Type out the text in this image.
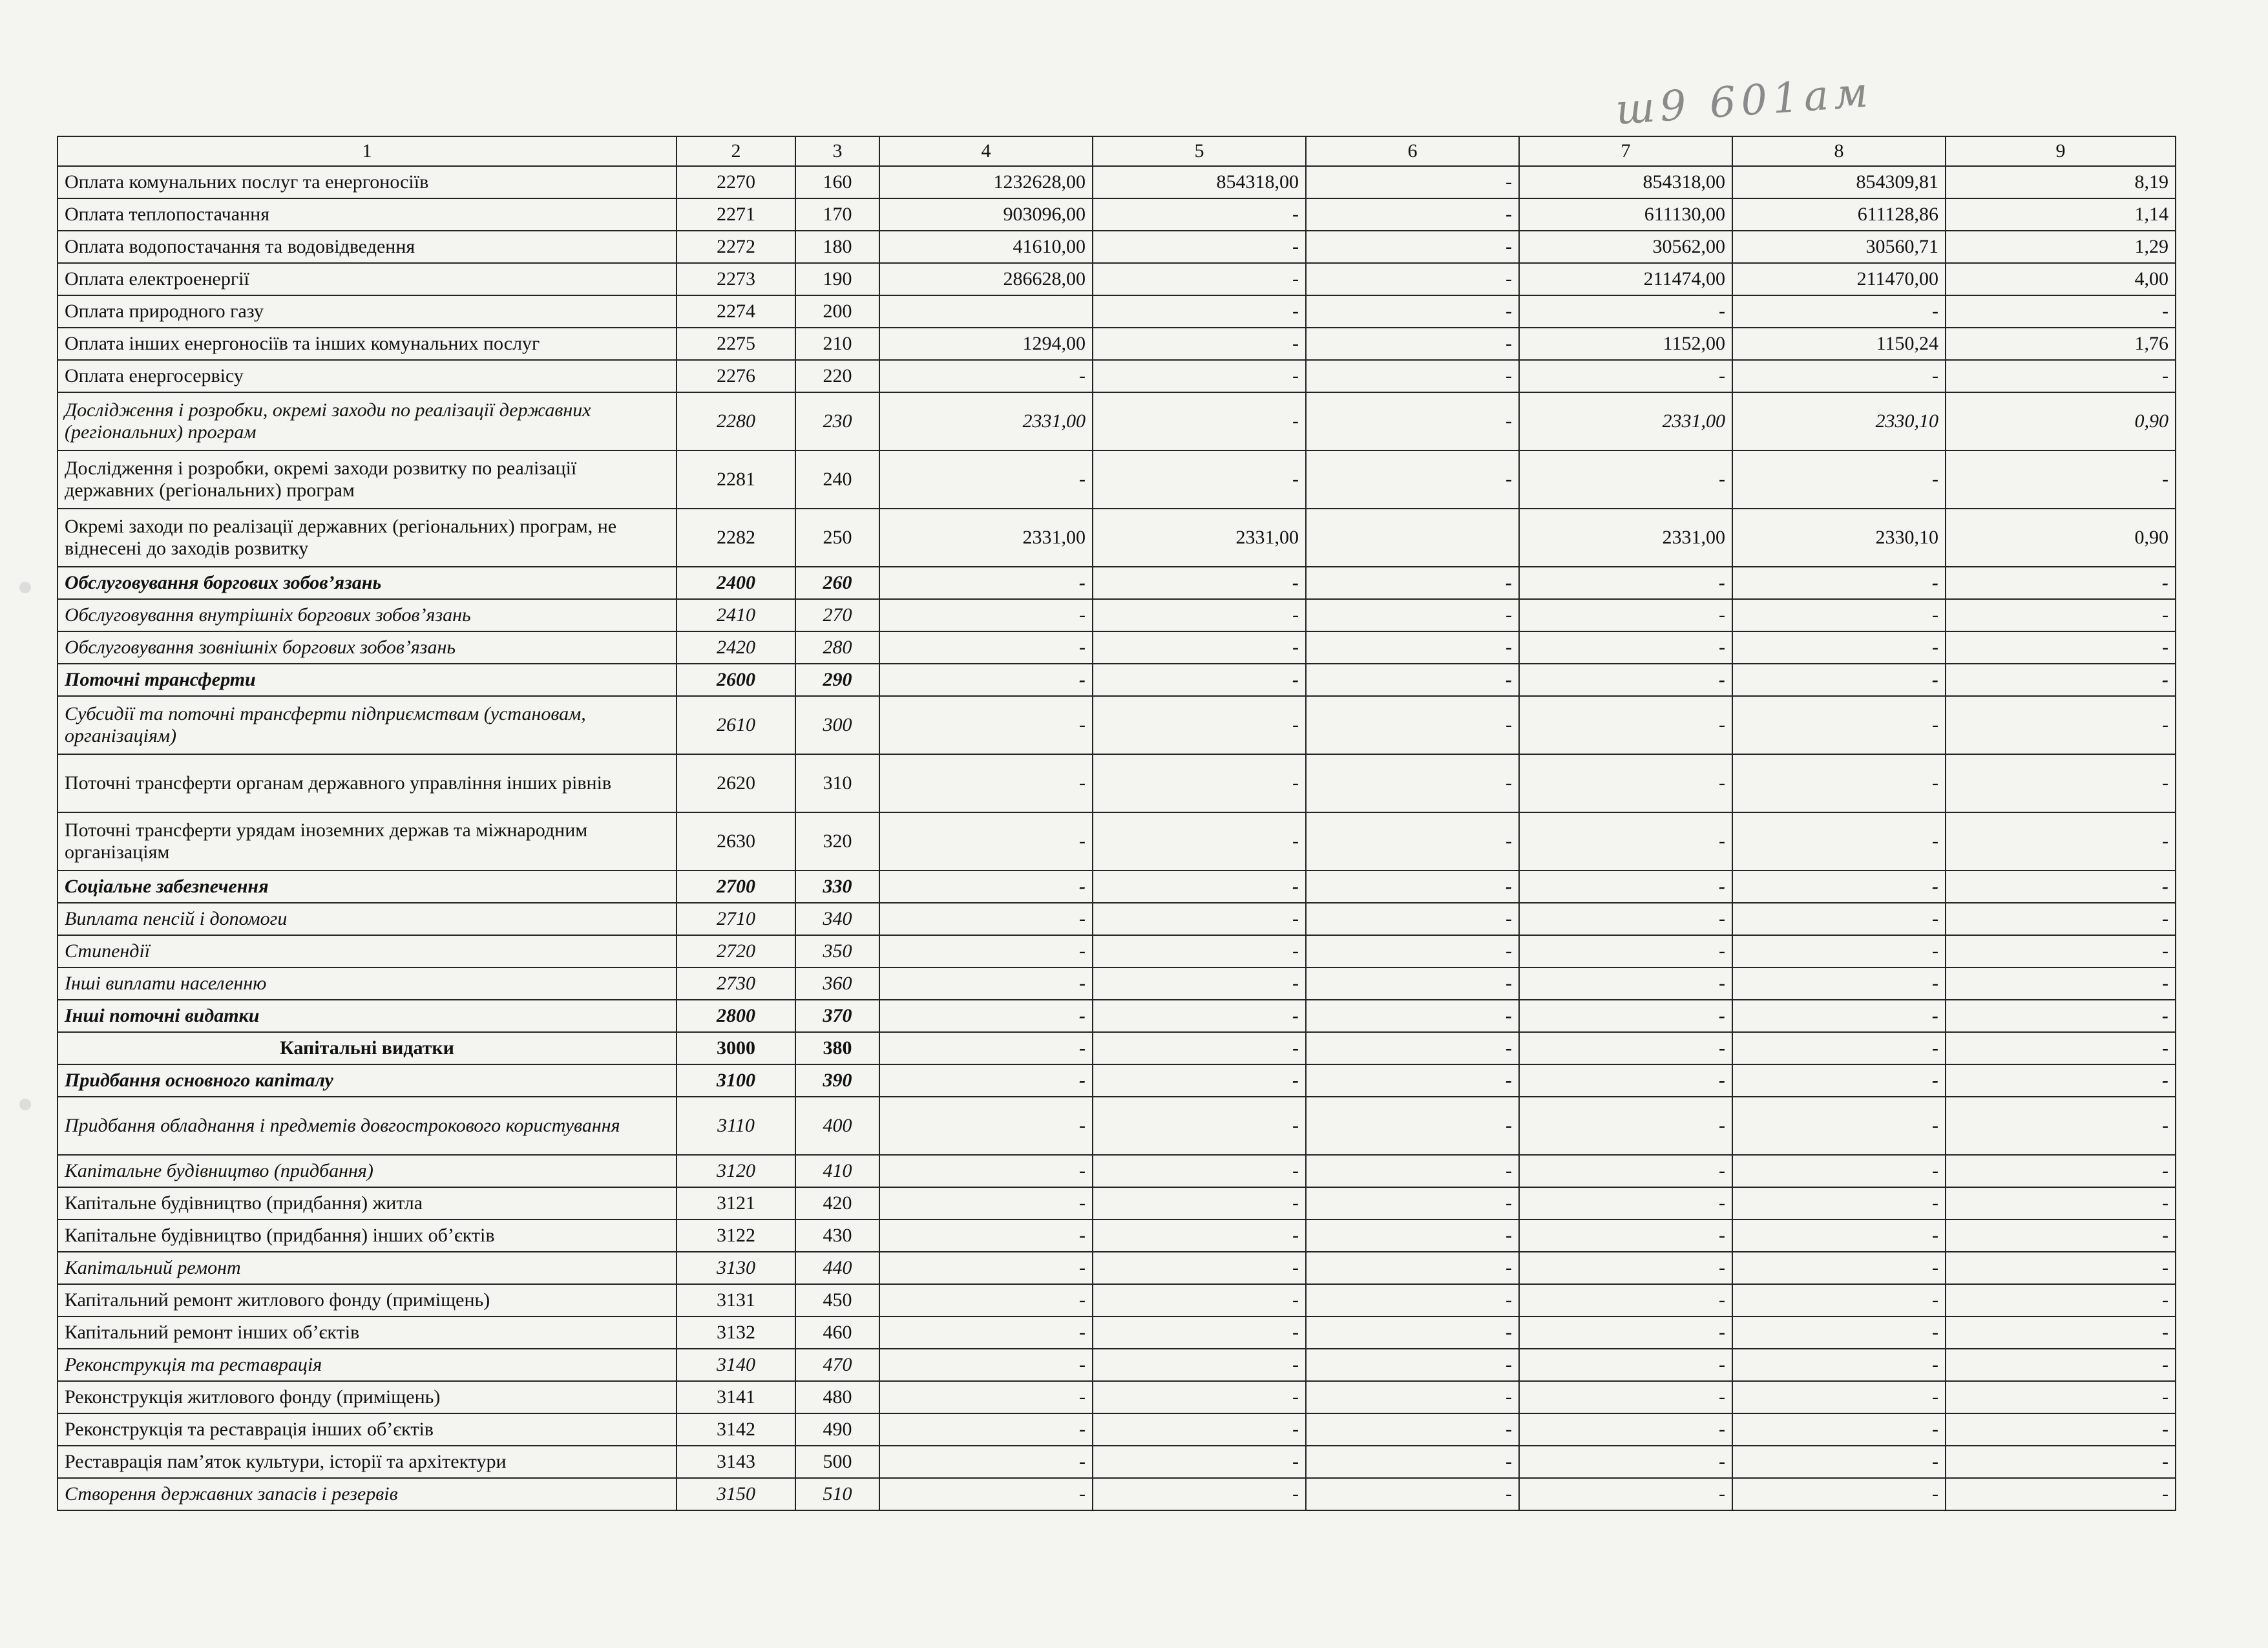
ш9 601ам
1	2	3	4	5	6	7	8	9
Оплата комунальних послуг та енергоносіїв	2270	160	1232628,00	854318,00	-	854318,00	854309,81	8,19
Оплата теплопостачання	2271	170	903096,00	-	-	611130,00	611128,86	1,14
Оплата водопостачання та водовідведення	2272	180	41610,00	-	-	30562,00	30560,71	1,29
Оплата електроенергії	2273	190	286628,00	-	-	211474,00	211470,00	4,00
Оплата природного газу	2274	200		-	-	-	-	-
Оплата інших енергоносіїв та інших комунальних послуг	2275	210	1294,00	-	-	1152,00	1150,24	1,76
Оплата енергосервісу	2276	220	-	-	-	-	-	-
Дослідження і розробки, окремі заходи по реалізації державних (регіональних) програм	2280	230	2331,00	-	-	2331,00	2330,10	0,90
Дослідження і розробки, окремі заходи розвитку по реалізації державних (регіональних) програм	2281	240	-	-	-	-	-	-
Окремі заходи по реалізації державних (регіональних) програм, не віднесені до заходів розвитку	2282	250	2331,00	2331,00		2331,00	2330,10	0,90
Обслуговування боргових зобов’язань	2400	260	-	-	-	-	-	-
Обслуговування внутрішніх боргових зобов’язань	2410	270	-	-	-	-	-	-
Обслуговування зовнішніх боргових зобов’язань	2420	280	-	-	-	-	-	-
Поточні трансферти	2600	290	-	-	-	-	-	-
Субсидії та поточні трансферти підприємствам (установам, організаціям)	2610	300	-	-	-	-	-	-
Поточні трансферти органам державного управління інших рівнів	2620	310	-	-	-	-	-	-
Поточні трансферти урядам іноземних держав та міжнародним організаціям	2630	320	-	-	-	-	-	-
Соціальне забезпечення	2700	330	-	-	-	-	-	-
Виплата пенсій і допомоги	2710	340	-	-	-	-	-	-
Стипендії	2720	350	-	-	-	-	-	-
Інші виплати населенню	2730	360	-	-	-	-	-	-
Інші поточні видатки	2800	370	-	-	-	-	-	-
Капітальні видатки	3000	380	-	-	-	-	-	-
Придбання основного капіталу	3100	390	-	-	-	-	-	-
Придбання обладнання і предметів довгострокового користування	3110	400	-	-	-	-	-	-
Капітальне будівництво (придбання)	3120	410	-	-	-	-	-	-
Капітальне будівництво (придбання) житла	3121	420	-	-	-	-	-	-
Капітальне будівництво (придбання) інших об’єктів	3122	430	-	-	-	-	-	-
Капітальний ремонт	3130	440	-	-	-	-	-	-
Капітальний ремонт житлового фонду (приміщень)	3131	450	-	-	-	-	-	-
Капітальний ремонт інших об’єктів	3132	460	-	-	-	-	-	-
Реконструкція та реставрація	3140	470	-	-	-	-	-	-
Реконструкція житлового фонду (приміщень)	3141	480	-	-	-	-	-	-
Реконструкція та реставрація інших об’єктів	3142	490	-	-	-	-	-	-
Реставрація пам’яток культури, історії та архітектури	3143	500	-	-	-	-	-	-
Створення державних запасів і резервів	3150	510	-	-	-	-	-	-
